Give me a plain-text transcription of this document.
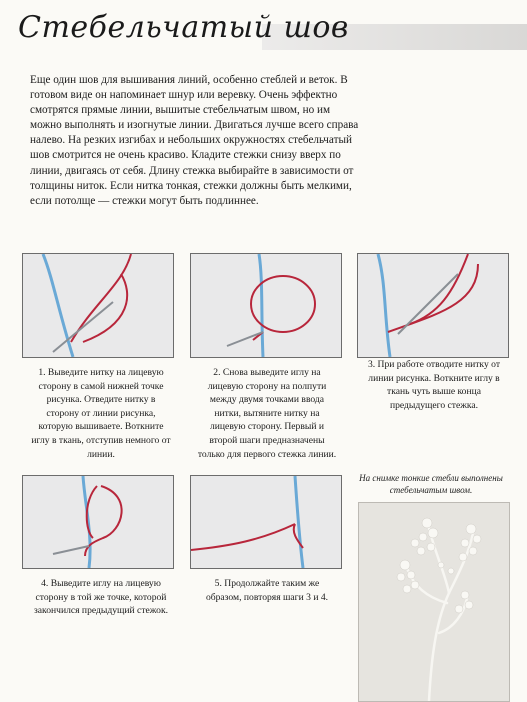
Стебельчатый шов

Еще один шов для вышивания линий, особенно стеблей и веток. В готовом виде он напоминает шнур или веревку. Очень эффектно смотрятся прямые линии, вышитые стебельчатым швом, но им можно выполнять и изогнутые линии. Двигаться лучше всего справа налево. На резких изгибах и небольших окружностях стебельчатый шов смотрится не очень красиво. Кладите стежки снизу вверх по линии, двигаясь от себя. Длину стежка выбирайте в зависимости от толщины ниток. Если нитка тонкая, стежки должны быть мелкими, если потолще — стежки могут быть подлиннее.

1. Выведите нитку на лицевую сторону в самой нижней точке рисунка. Отведите нитку в сторону от линии рисунка, которую вышиваете. Воткните иглу в ткань, отступив немного от линии.

2. Снова выведите иглу на лицевую сторону на полпути между двумя точками ввода нитки, вытяните нитку на лицевую сторону. Первый и второй шаги предназначены только для первого стежка линии.

3. При работе отводите нитку от линии рисунка. Воткните иглу в ткань чуть выше конца предыдущего стежка.

4. Выведите иглу на лицевую сторону в той же точке, которой закончился предыдущий стежок.

5. Продолжайте таким же образом, повторяя шаги 3 и 4.

На снимке тонкие стебли выполнены стебельчатым швом.
